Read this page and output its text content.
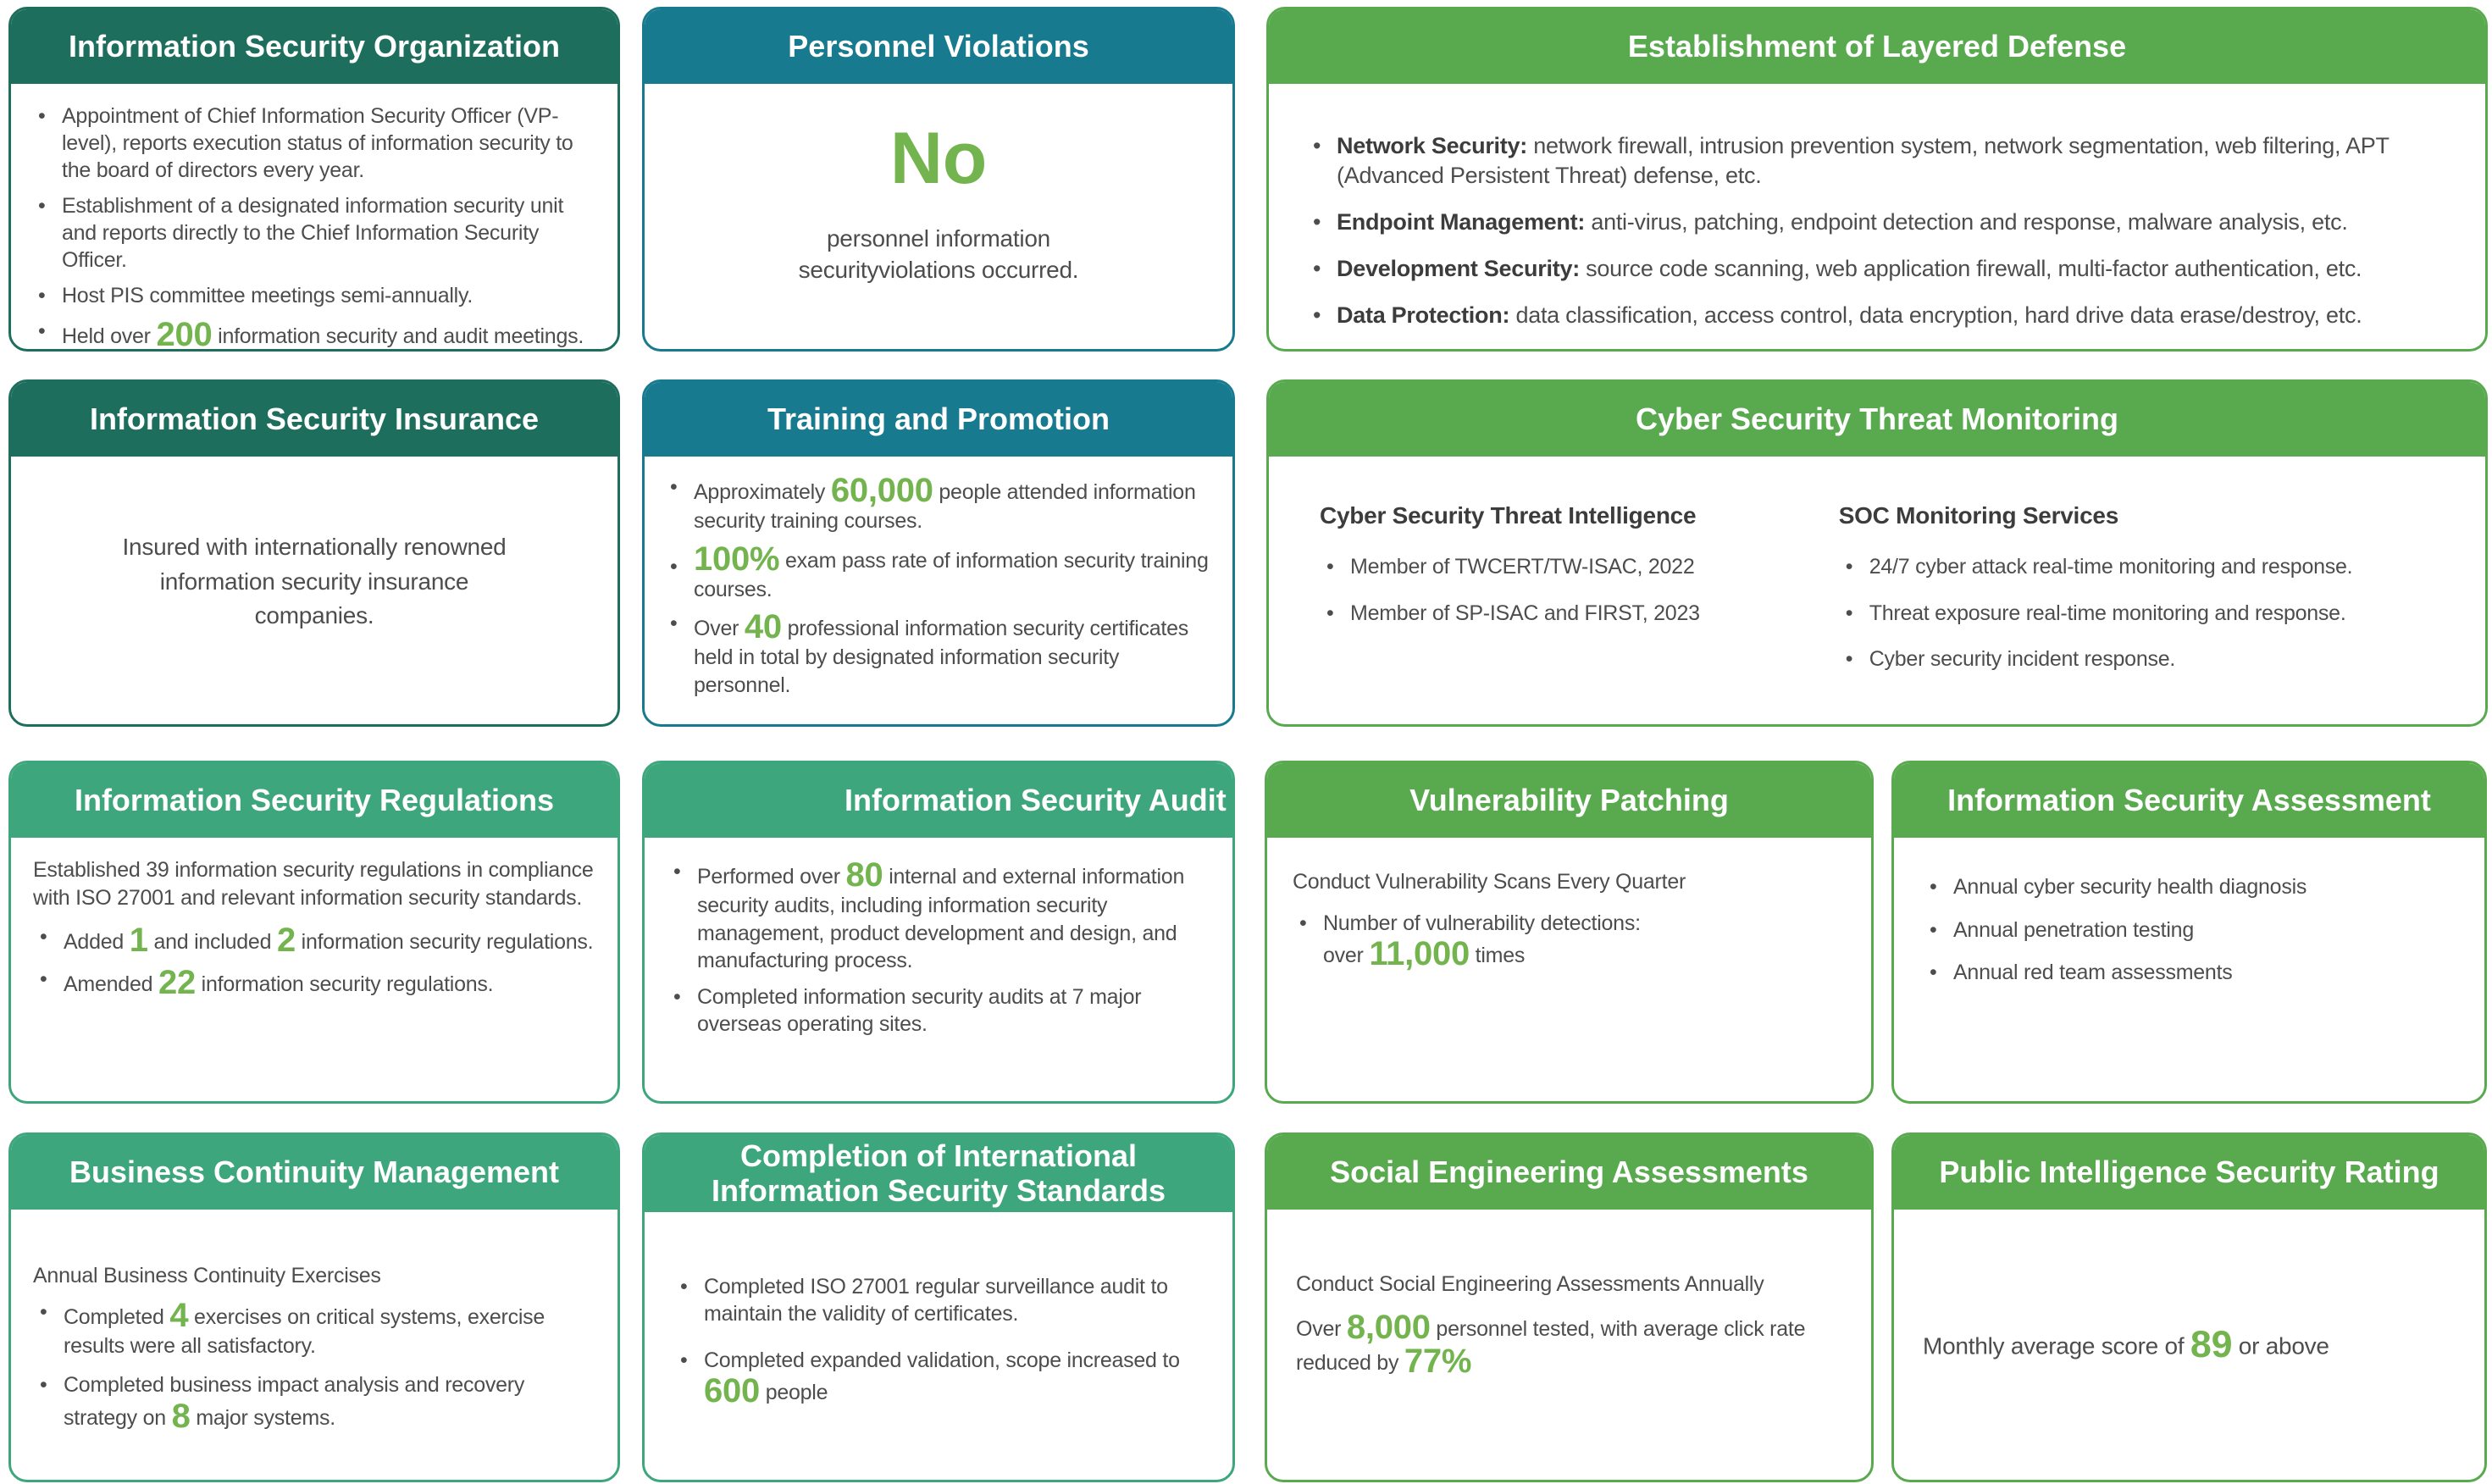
Information Security Organization
• Appointment of Chief Information Security Officer (VP-level), reports execution status of information security to the board of directors every year.
• Establishment of a designated information security unit and reports directly to the Chief Information Security Officer.
• Host PIS committee meetings semi-annually.
• Held over 200 information security and audit meetings.
Personnel Violations

No

personnel information securityviolations occurred.

Establishment of Layered Defense
• Network Security: network firewall, intrusion prevention system, network segmentation, web filtering, APT (Advanced Persistent Threat) defense, etc.
• Endpoint Management: anti-virus, patching, endpoint detection and response, malware analysis, etc.
• Development Security: source code scanning, web application firewall, multi-factor authentication, etc.
• Data Protection: data classification, access control, data encryption, hard drive data erase/destroy, etc.
Information Security Insurance

Insured with internationally renowned information security insurance companies.

Training and Promotion
• Approximately 60,000 people attended information security training courses.
• 100% exam pass rate of information security training courses.
• Over 40 professional information security certificates held in total by designated information security personnel.
Cyber Security Threat Monitoring

Cyber Security Threat Intelligence

• Member of TWCERT/TW-ISAC, 2022
• Member of SP-ISAC and FIRST, 2023

SOC Monitoring Services

• 24/7 cyber attack real-time monitoring and response.
• Threat exposure real-time monitoring and response.
• Cyber security incident response.
Information Security Regulations

Established 39 information security regulations in compliance with ISO 27001 and relevant information security standards.

• Added 1 and included 2 information security regulations.
• Amended 22 information security regulations.
Information Security Audit
• Performed over 80 internal and external information security audits, including information security management, product development and design, and manufacturing process.
• Completed information security audits at 7 major overseas operating sites.
Vulnerability Patching

Conduct Vulnerability Scans Every Quarter

• Number of vulnerability detections:
over 11,000 times
Information Security Assessment
• Annual cyber security health diagnosis
• Annual penetration testing
• Annual red team assessments
Business Continuity Management

Annual Business Continuity Exercises

• Completed 4 exercises on critical systems, exercise results were all satisfactory.
• Completed business impact analysis and recovery strategy on 8 major systems.
Completion of International Information Security Standards
• Completed ISO 27001 regular surveillance audit to maintain the validity of certificates.
• Completed expanded validation, scope increased to 600 people
Social Engineering Assessments

Conduct Social Engineering Assessments Annually

Over 8,000 personnel tested, with average click rate reduced by 77%

Public Intelligence Security Rating

Monthly average score of 89 or above
